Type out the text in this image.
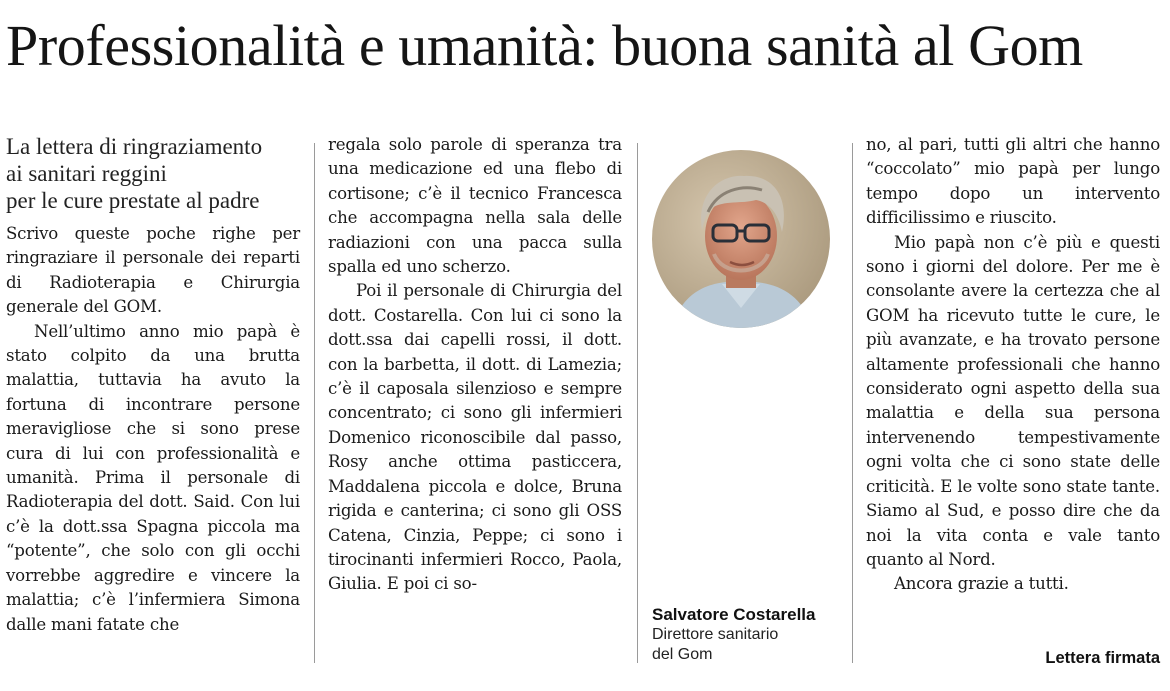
Professionalità e umanità: buona sanità al Gom
La lettera di ringraziamento
ai sanitari reggini
per le cure prestate al padre

Scrivo queste poche righe per ringraziare il personale dei reparti di Radioterapia e Chirurgia generale del GOM.

Nell’ultimo anno mio papà è stato colpito da una brutta malattia, tuttavia ha avuto la fortuna di incontrare persone meravigliose che si sono prese cura di lui con professionalità e umanità. Prima il personale di Radioterapia del dott. Said. Con lui c’è la dott.ssa Spagna piccola ma “potente”, che solo con gli occhi vorrebbe aggredire e vincere la malattia; c’è l’infermiera Simona dalle mani fatate che

regala solo parole di speranza tra una medicazione ed una flebo di cortisone; c’è il tecnico Francesca che accompagna nella sala delle radiazioni con una pacca sulla spalla ed uno scherzo.

Poi il personale di Chirurgia del dott. Costarella. Con lui ci sono la dott.ssa dai capelli rossi, il dott. con la barbetta, il dott. di Lamezia; c’è il caposala silenzioso e sempre concentrato; ci sono gli infermieri Domenico riconoscibile dal passo, Rosy anche ottima pasticcera, Maddalena piccola e dolce, Bruna rigida e canterina; ci sono gli OSS Catena, Cinzia, Peppe; ci sono i tirocinanti infermieri Rocco, Paola, Giulia. E poi ci so-

Salvatore Costarella
Direttore sanitario
del Gom

no, al pari, tutti gli altri che hanno “coccolato” mio papà per lungo tempo dopo un intervento difficilissimo e riuscito.

Mio papà non c’è più e questi sono i giorni del dolore. Per me è consolante avere la certezza che al GOM ha ricevuto tutte le cure, le più avanzate, e ha trovato persone altamente professionali che hanno considerato ogni aspetto della sua malattia e della sua persona intervenendo tempestivamente ogni volta che ci sono state delle criticità. E le volte sono state tante. Siamo al Sud, e posso dire che da noi la vita conta e vale tanto quanto al Nord.

Ancora grazie a tutti.

Lettera firmata
